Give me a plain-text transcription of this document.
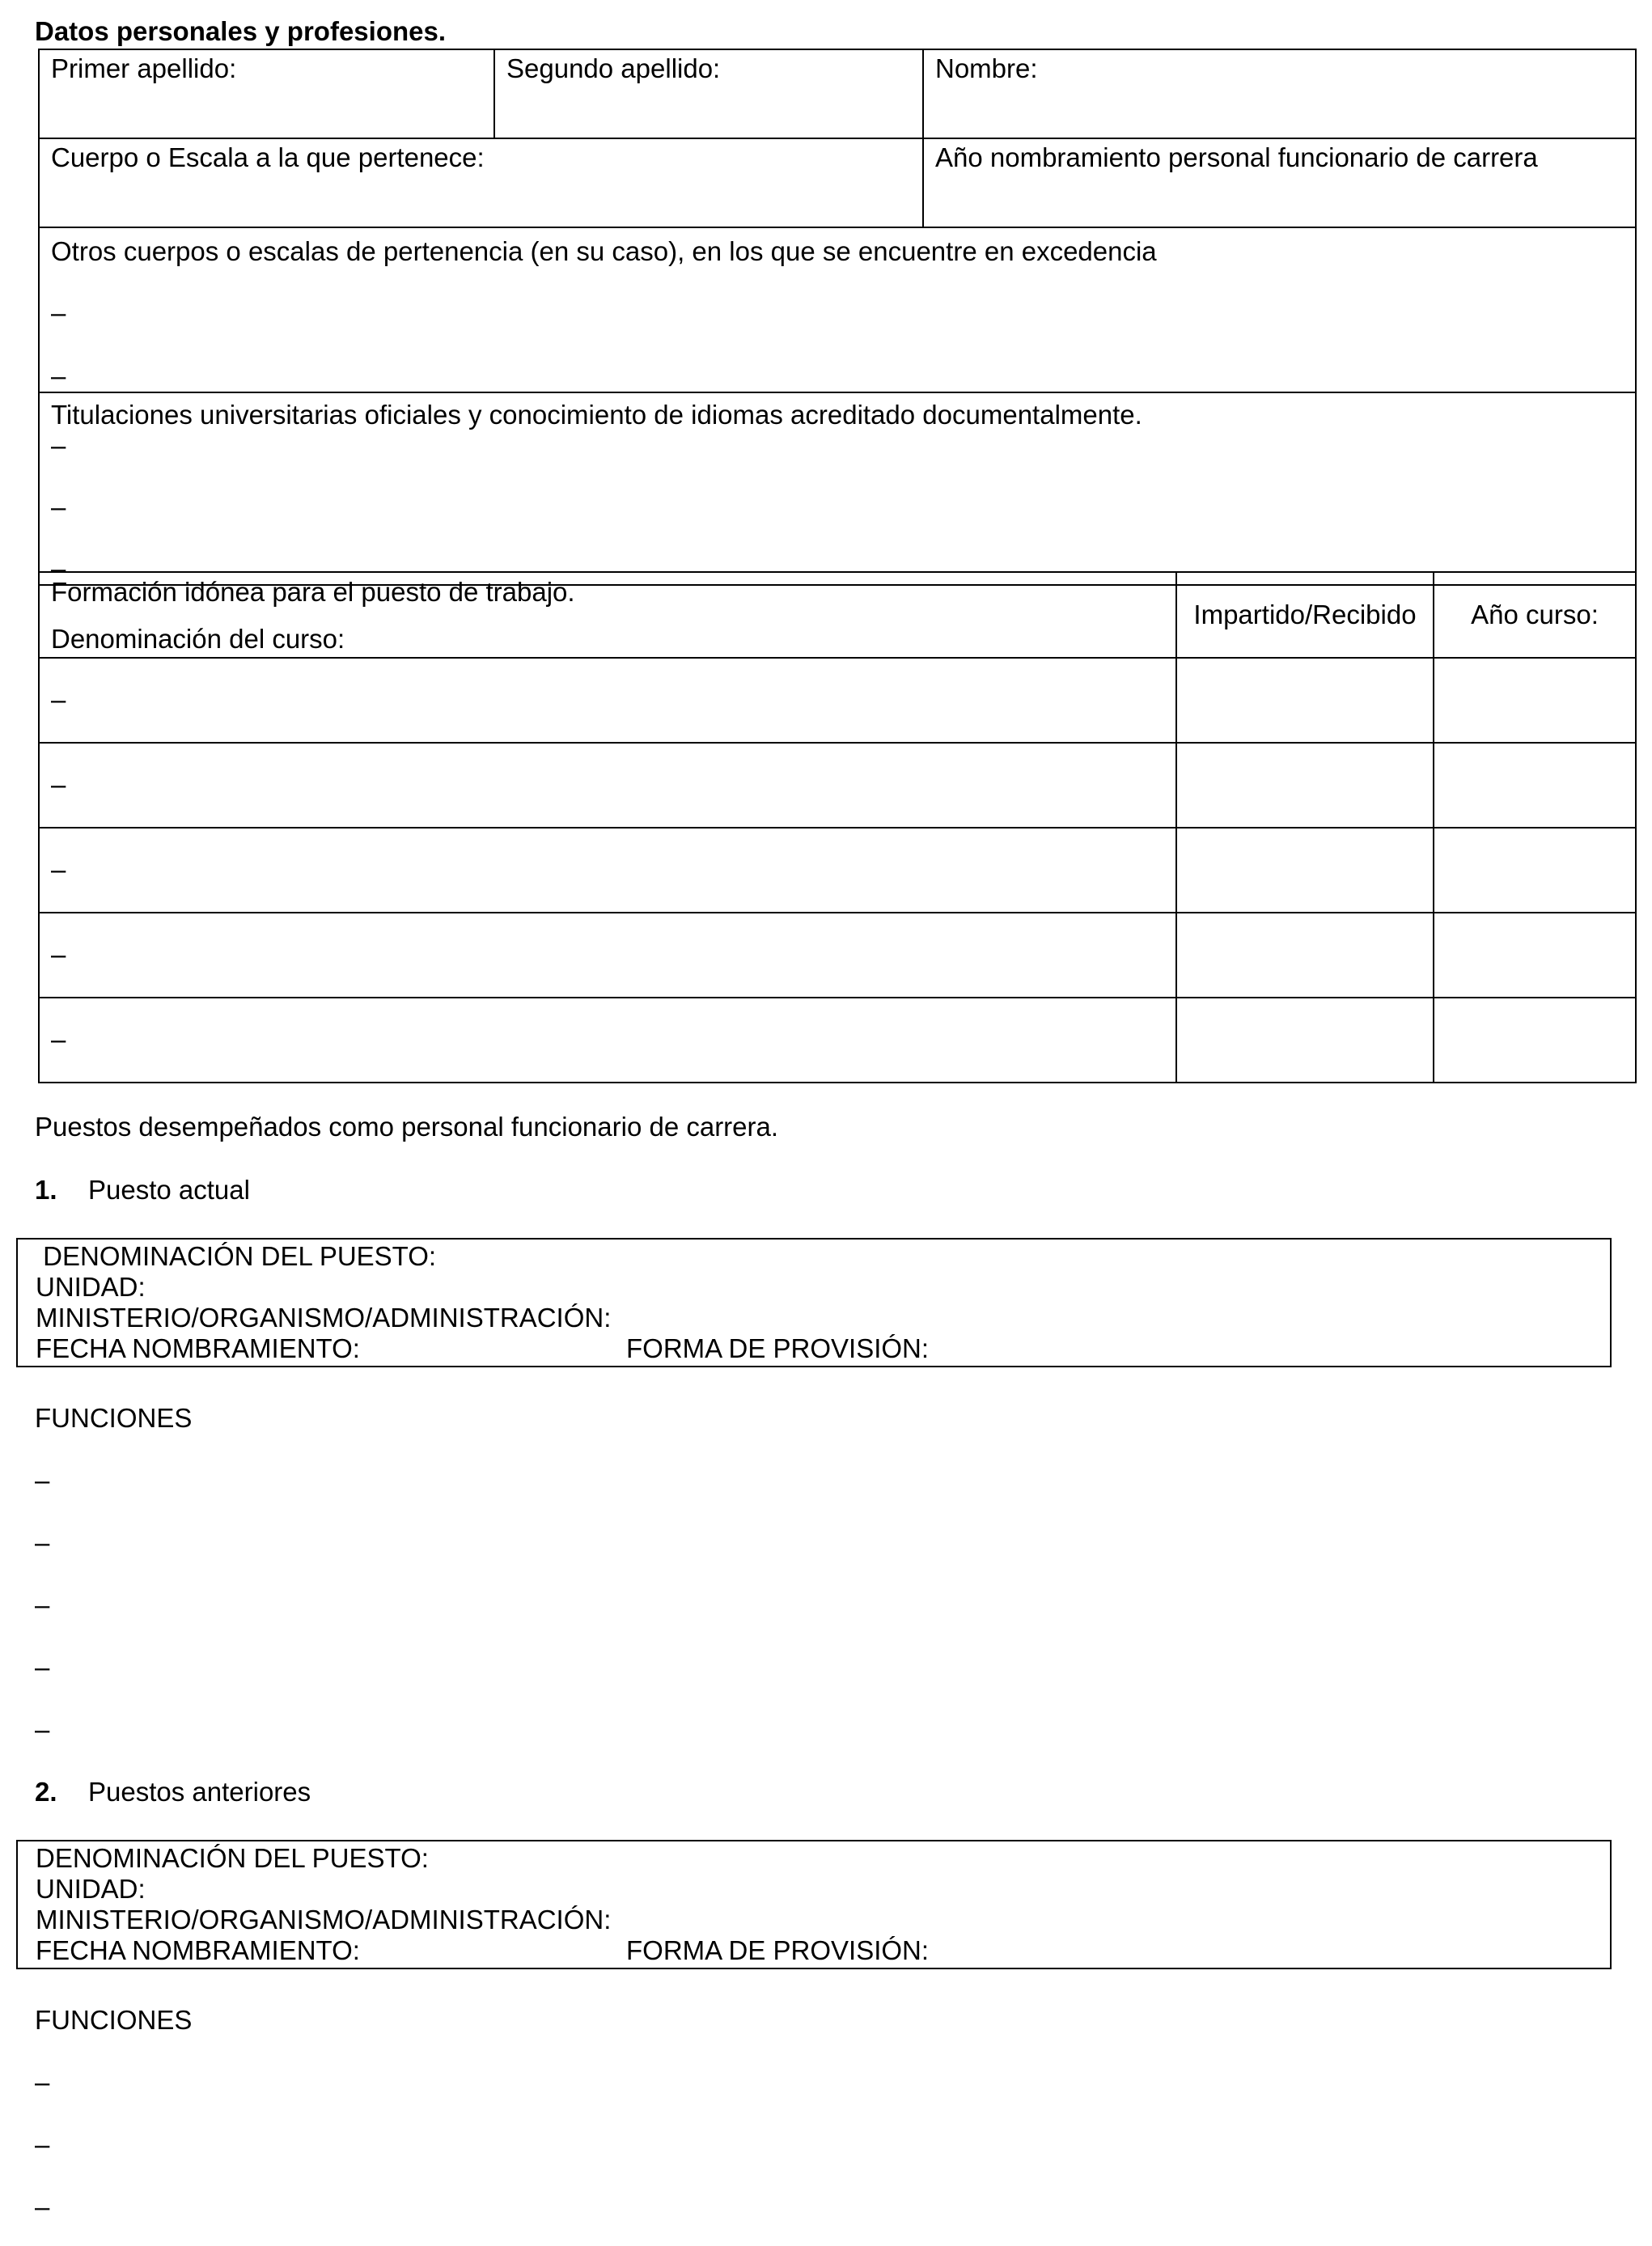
Datos personales y profesiones.
Primer apellido:	Segundo apellido:	Nombre:
Cuerpo o Escala a la que pertenece:		Año nombramiento personal funcionario de carrera

Otros cuerpos o escalas de pertenencia (en su caso), en los que se encuentre en excedencia
–
–		

Titulaciones universitarias oficiales y conocimiento de idiomas acreditado documentalmente.
–
–
–		
Formación idónea para el puesto de trabajo.
Denominación del curso:	Impartido/Recibido	Año curso:
–		
–		
–		
–		
–		
Puestos desempeñados como personal funcionario de carrera.
1. Puesto actual
DENOMINACIÓN DEL PUESTO:
UNIDAD:
MINISTERIO/ORGANISMO/ADMINISTRACIÓN:
FECHA NOMBRAMIENTO:	FORMA DE PROVISIÓN:
FUNCIONES
–
–
–
–
–
2. Puestos anteriores
DENOMINACIÓN DEL PUESTO:
UNIDAD:
MINISTERIO/ORGANISMO/ADMINISTRACIÓN:
FECHA NOMBRAMIENTO:	FORMA DE PROVISIÓN:
FUNCIONES
–
–
–
